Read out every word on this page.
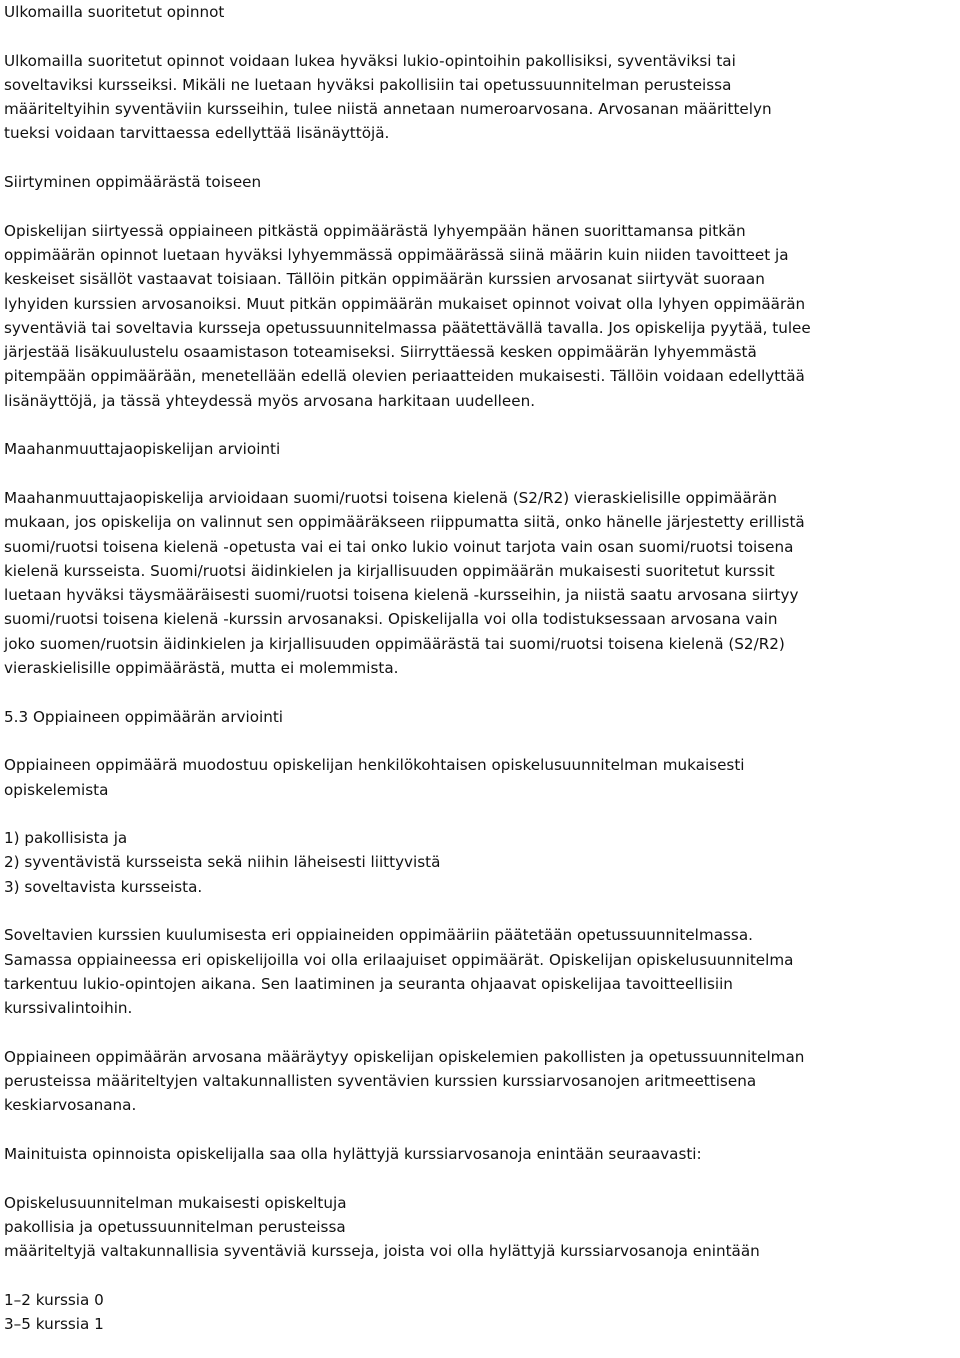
Ulkomailla suoritetut opinnot
Ulkomailla suoritetut opinnot voidaan lukea hyväksi lukio-opintoihin pakollisiksi, syventäviksi tai
soveltaviksi kursseiksi. Mikäli ne luetaan hyväksi pakollisiin tai opetussuunnitelman perusteissa
määriteltyihin syventäviin kursseihin, tulee niistä annetaan numeroarvosana. Arvosanan määrittelyn
tueksi voidaan tarvittaessa edellyttää lisänäyttöjä.
Siirtyminen oppimäärästä toiseen
Opiskelijan siirtyessä oppiaineen pitkästä oppimäärästä lyhyempään hänen suorittamansa pitkän
oppimäärän opinnot luetaan hyväksi lyhyemmässä oppimäärässä siinä määrin kuin niiden tavoitteet ja
keskeiset sisällöt vastaavat toisiaan. Tällöin pitkän oppimäärän kurssien arvosanat siirtyvät suoraan
lyhyiden kurssien arvosanoiksi. Muut pitkän oppimäärän mukaiset opinnot voivat olla lyhyen oppimäärän
syventäviä tai soveltavia kursseja opetussuunnitelmassa päätettävällä tavalla. Jos opiskelija pyytää, tulee
järjestää lisäkuulustelu osaamistason toteamiseksi. Siirryttäessä kesken oppimäärän lyhyemmästä
pitempään oppimäärään, menetellään edellä olevien periaatteiden mukaisesti. Tällöin voidaan edellyttää
lisänäyttöjä, ja tässä yhteydessä myös arvosana harkitaan uudelleen.
Maahanmuuttajaopiskelijan arviointi
Maahanmuuttajaopiskelija arvioidaan suomi/ruotsi toisena kielenä (S2/R2) vieraskielisille oppimäärän
mukaan, jos opiskelija on valinnut sen oppimääräkseen riippumatta siitä, onko hänelle järjestetty erillistä
suomi/ruotsi toisena kielenä -opetusta vai ei tai onko lukio voinut tarjota vain osan suomi/ruotsi toisena
kielenä kursseista. Suomi/ruotsi äidinkielen ja kirjallisuuden oppimäärän mukaisesti suoritetut kurssit
luetaan hyväksi täysmääräisesti suomi/ruotsi toisena kielenä -kursseihin, ja niistä saatu arvosana siirtyy
suomi/ruotsi toisena kielenä -kurssin arvosanaksi. Opiskelijalla voi olla todistuksessaan arvosana vain
joko suomen/ruotsin äidinkielen ja kirjallisuuden oppimäärästä tai suomi/ruotsi toisena kielenä (S2/R2)
vieraskielisille oppimäärästä, mutta ei molemmista.
5.3 Oppiaineen oppimäärän arviointi
Oppiaineen oppimäärä muodostuu opiskelijan henkilökohtaisen opiskelusuunnitelman mukaisesti
opiskelemista
1) pakollisista ja
2) syventävistä kursseista sekä niihin läheisesti liittyvistä
3) soveltavista kursseista.
Soveltavien kurssien kuulumisesta eri oppiaineiden oppimääriin päätetään opetussuunnitelmassa.
Samassa oppiaineessa eri opiskelijoilla voi olla erilaajuiset oppimäärät. Opiskelijan opiskelusuunnitelma
tarkentuu lukio-opintojen aikana. Sen laatiminen ja seuranta ohjaavat opiskelijaa tavoitteellisiin
kurssivalintoihin.
Oppiaineen oppimäärän arvosana määräytyy opiskelijan opiskelemien pakollisten ja opetussuunnitelman
perusteissa määriteltyjen valtakunnallisten syventävien kurssien kurssiarvosanojen aritmeettisena
keskiarvosanana.
Mainituista opinnoista opiskelijalla saa olla hylättyjä kurssiarvosanoja enintään seuraavasti:
Opiskelusuunnitelman mukaisesti opiskeltuja
pakollisia ja opetussuunnitelman perusteissa
määriteltyjä valtakunnallisia syventäviä kursseja, joista voi olla hylättyjä kurssiarvosanoja enintään
1–2 kurssia 0
3–5 kurssia 1
